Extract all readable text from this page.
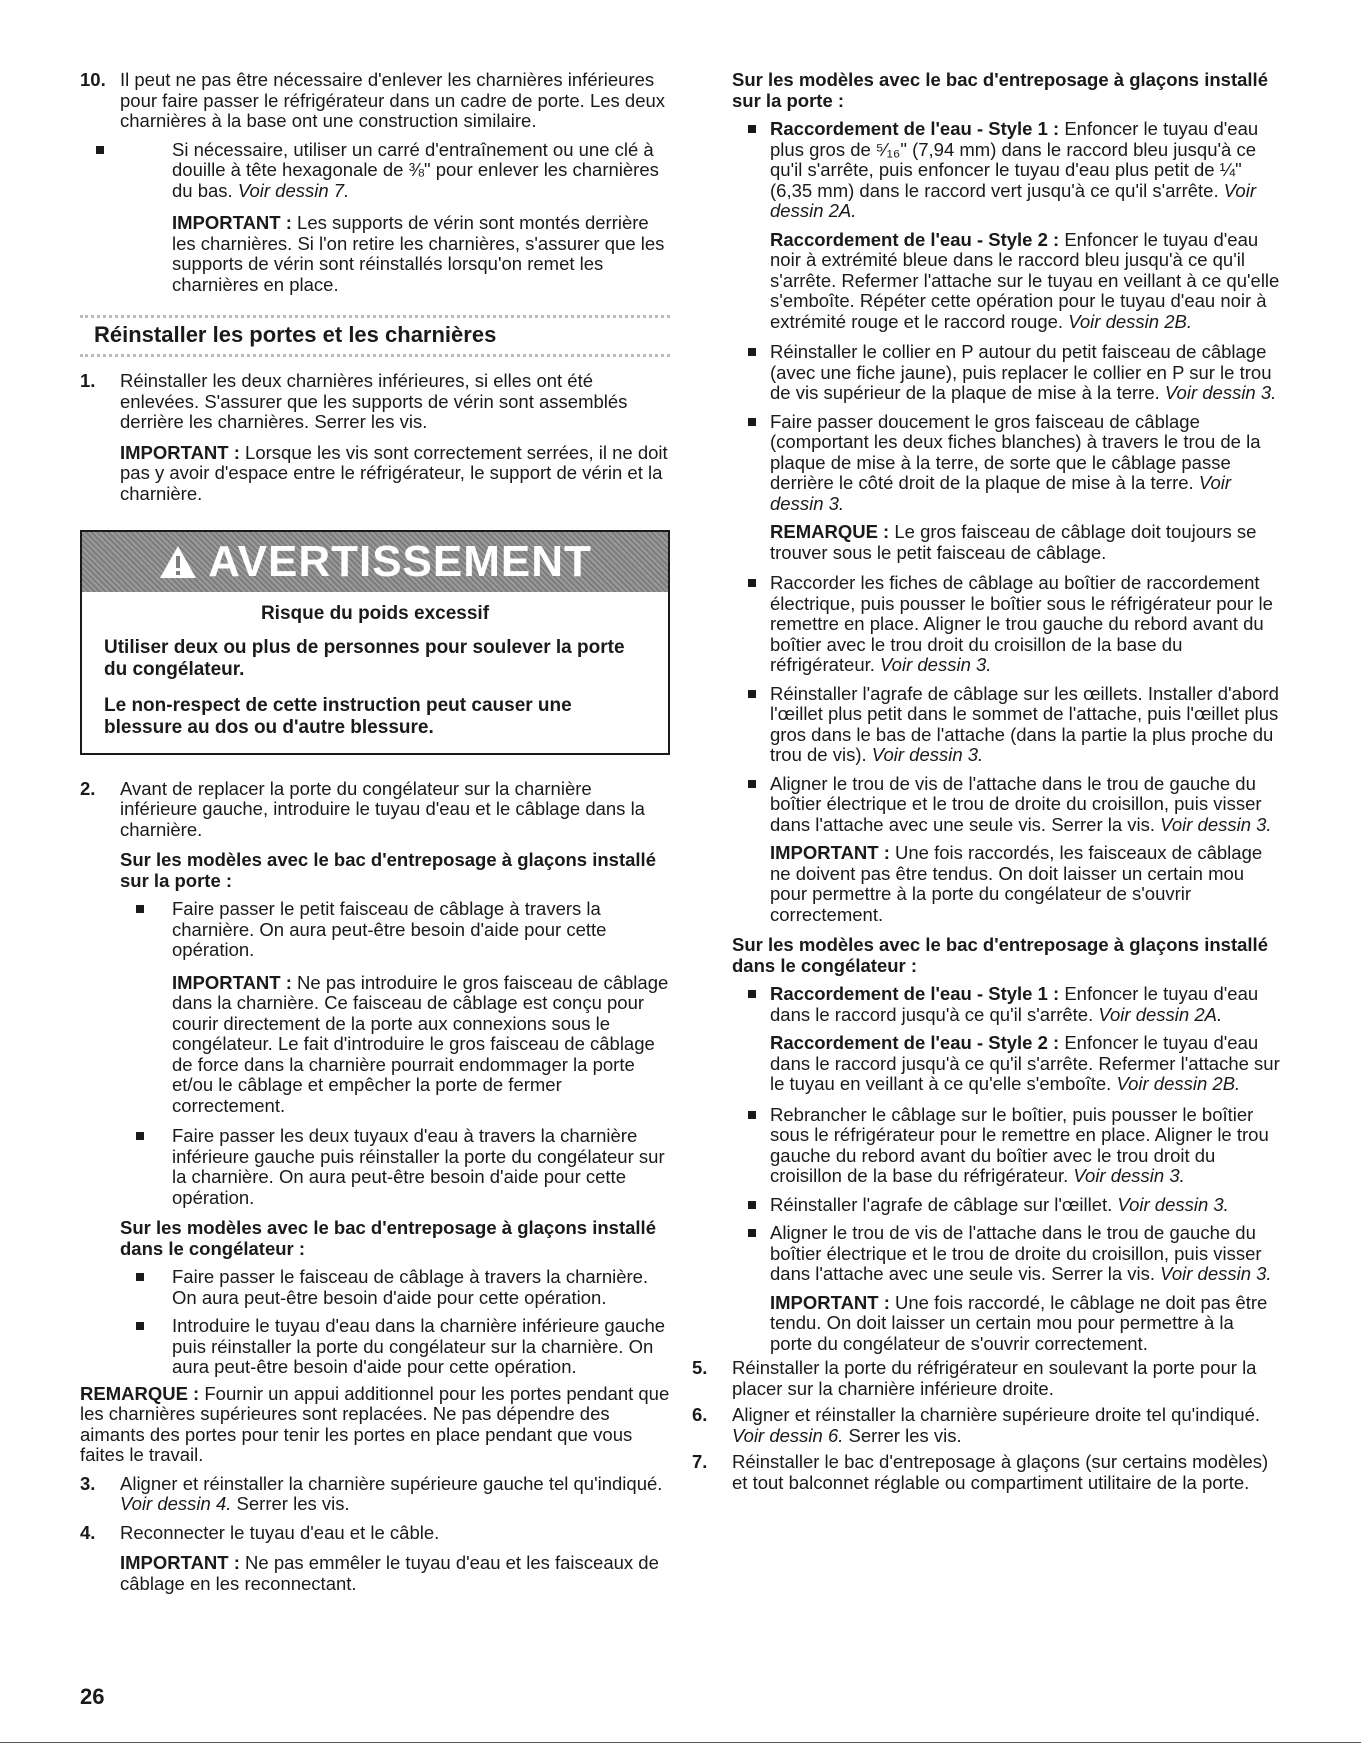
10. Il peut ne pas être nécessaire d'enlever les charnières inférieures pour faire passer le réfrigérateur dans un cadre de porte. Les deux charnières à la base ont une construction similaire.
Si nécessaire, utiliser un carré d'entraînement ou une clé à douille à tête hexagonale de ⅜" pour enlever les charnières du bas. Voir dessin 7.
IMPORTANT : Les supports de vérin sont montés derrière les charnières. Si l'on retire les charnières, s'assurer que les supports de vérin sont réinstallés lorsqu'on remet les charnières en place.
Réinstaller les portes et les charnières
1. Réinstaller les deux charnières inférieures, si elles ont été enlevées. S'assurer que les supports de vérin sont assemblés derrière les charnières. Serrer les vis.
IMPORTANT : Lorsque les vis sont correctement serrées, il ne doit pas y avoir d'espace entre le réfrigérateur, le support de vérin et la charnière.
AVERTISSEMENT
Risque du poids excessif

Utiliser deux ou plus de personnes pour soulever la porte du congélateur.

Le non-respect de cette instruction peut causer une blessure au dos ou d'autre blessure.

2. Avant de replacer la porte du congélateur sur la charnière inférieure gauche, introduire le tuyau d'eau et le câblage dans la charnière.
Sur les modèles avec le bac d'entreposage à glaçons installé sur la porte :
Faire passer le petit faisceau de câblage à travers la charnière. On aura peut-être besoin d'aide pour cette opération.
IMPORTANT : Ne pas introduire le gros faisceau de câblage dans la charnière. Ce faisceau de câblage est conçu pour courir directement de la porte aux connexions sous le congélateur. Le fait d'introduire le gros faisceau de câblage de force dans la charnière pourrait endommager la porte et/ou le câblage et empêcher la porte de fermer correctement.
Faire passer les deux tuyaux d'eau à travers la charnière inférieure gauche puis réinstaller la porte du congélateur sur la charnière. On aura peut-être besoin d'aide pour cette opération.
Sur les modèles avec le bac d'entreposage à glaçons installé dans le congélateur :
Faire passer le faisceau de câblage à travers la charnière. On aura peut-être besoin d'aide pour cette opération.
Introduire le tuyau d'eau dans la charnière inférieure gauche puis réinstaller la porte du congélateur sur la charnière. On aura peut-être besoin d'aide pour cette opération.
REMARQUE : Fournir un appui additionnel pour les portes pendant que les charnières supérieures sont replacées. Ne pas dépendre des aimants des portes pour tenir les portes en place pendant que vous faites le travail.
3. Aligner et réinstaller la charnière supérieure gauche tel qu'indiqué. Voir dessin 4. Serrer les vis.
4. Reconnecter le tuyau d'eau et le câble.
IMPORTANT : Ne pas emmêler le tuyau d'eau et les faisceaux de câblage en les reconnectant.
Sur les modèles avec le bac d'entreposage à glaçons installé sur la porte :
Raccordement de l'eau - Style 1 : Enfoncer le tuyau d'eau plus gros de ⁵⁄₁₆" (7,94 mm) dans le raccord bleu jusqu'à ce qu'il s'arrête, puis enfoncer le tuyau d'eau plus petit de ¼" (6,35 mm) dans le raccord vert jusqu'à ce qu'il s'arrête. Voir dessin 2A.
Raccordement de l'eau - Style 2 : Enfoncer le tuyau d'eau noir à extrémité bleue dans le raccord bleu jusqu'à ce qu'il s'arrête. Refermer l'attache sur le tuyau en veillant à ce qu'elle s'emboîte. Répéter cette opération pour le tuyau d'eau noir à extrémité rouge et le raccord rouge. Voir dessin 2B.
Réinstaller le collier en P autour du petit faisceau de câblage (avec une fiche jaune), puis replacer le collier en P sur le trou de vis supérieur de la plaque de mise à la terre. Voir dessin 3.
Faire passer doucement le gros faisceau de câblage (comportant les deux fiches blanches) à travers le trou de la plaque de mise à la terre, de sorte que le câblage passe derrière le côté droit de la plaque de mise à la terre. Voir dessin 3.
REMARQUE : Le gros faisceau de câblage doit toujours se trouver sous le petit faisceau de câblage.
Raccorder les fiches de câblage au boîtier de raccordement électrique, puis pousser le boîtier sous le réfrigérateur pour le remettre en place. Aligner le trou gauche du rebord avant du boîtier avec le trou droit du croisillon de la base du réfrigérateur. Voir dessin 3.
Réinstaller l'agrafe de câblage sur les œillets. Installer d'abord l'œillet plus petit dans le sommet de l'attache, puis l'œillet plus gros dans le bas de l'attache (dans la partie la plus proche du trou de vis). Voir dessin 3.
Aligner le trou de vis de l'attache dans le trou de gauche du boîtier électrique et le trou de droite du croisillon, puis visser dans l'attache avec une seule vis. Serrer la vis. Voir dessin 3.
IMPORTANT : Une fois raccordés, les faisceaux de câblage ne doivent pas être tendus. On doit laisser un certain mou pour permettre à la porte du congélateur de s'ouvrir correctement.
Sur les modèles avec le bac d'entreposage à glaçons installé dans le congélateur :
Raccordement de l'eau - Style 1 : Enfoncer le tuyau d'eau dans le raccord jusqu'à ce qu'il s'arrête. Voir dessin 2A.
Raccordement de l'eau - Style 2 : Enfoncer le tuyau d'eau dans le raccord jusqu'à ce qu'il s'arrête. Refermer l'attache sur le tuyau en veillant à ce qu'elle s'emboîte. Voir dessin 2B.
Rebrancher le câblage sur le boîtier, puis pousser le boîtier sous le réfrigérateur pour le remettre en place. Aligner le trou gauche du rebord avant du boîtier avec le trou droit du croisillon de la base du réfrigérateur. Voir dessin 3.
Réinstaller l'agrafe de câblage sur l'œillet. Voir dessin 3.
Aligner le trou de vis de l'attache dans le trou de gauche du boîtier électrique et le trou de droite du croisillon, puis visser dans l'attache avec une seule vis. Serrer la vis. Voir dessin 3.
IMPORTANT : Une fois raccordé, le câblage ne doit pas être tendu. On doit laisser un certain mou pour permettre à la porte du congélateur de s'ouvrir correctement.
5. Réinstaller la porte du réfrigérateur en soulevant la porte pour la placer sur la charnière inférieure droite.
6. Aligner et réinstaller la charnière supérieure droite tel qu'indiqué. Voir dessin 6. Serrer les vis.
7. Réinstaller le bac d'entreposage à glaçons (sur certains modèles) et tout balconnet réglable ou compartiment utilitaire de la porte.
26
